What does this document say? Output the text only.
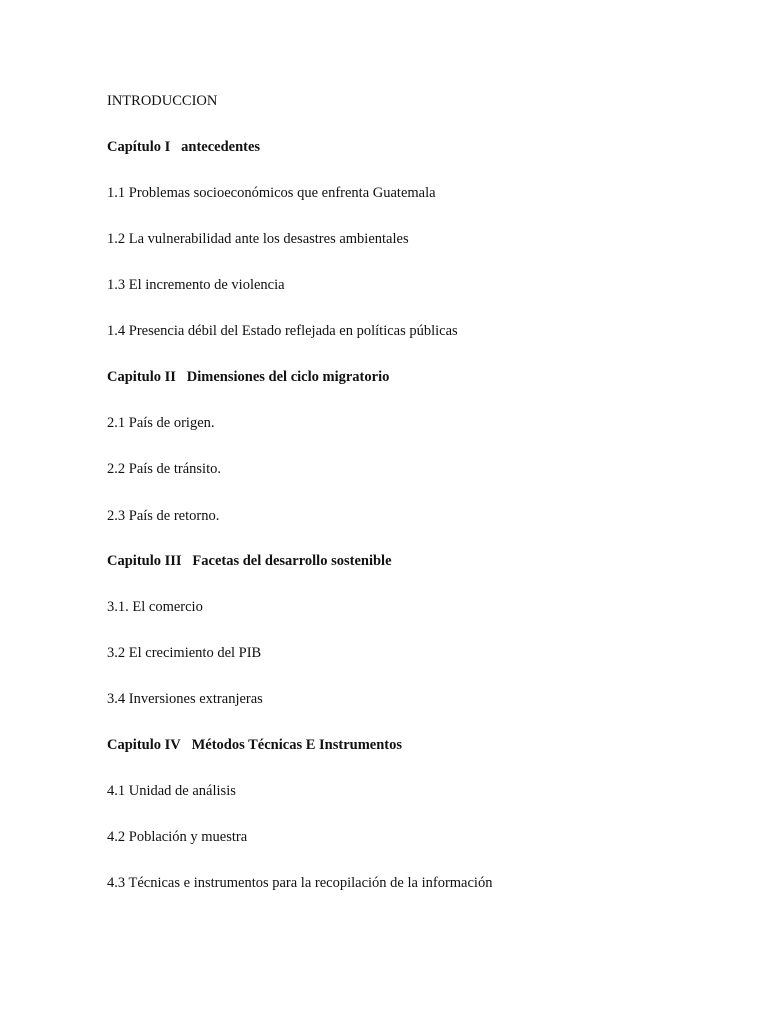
INTRODUCCION

Capítulo I antecedentes

1.1 Problemas socioeconómicos que enfrenta Guatemala

1.2 La vulnerabilidad ante los desastres ambientales

1.3 El incremento de violencia

1.4 Presencia débil del Estado reflejada en políticas públicas

Capitulo II Dimensiones del ciclo migratorio

2.1 País de origen.

2.2 País de tránsito.

2.3 País de retorno.

Capitulo III Facetas del desarrollo sostenible

3.1. El comercio

3.2 El crecimiento del PIB

3.4 Inversiones extranjeras

Capitulo IV Métodos Técnicas E Instrumentos

4.1 Unidad de análisis

4.2 Población y muestra

4.3 Técnicas e instrumentos para la recopilación de la información
